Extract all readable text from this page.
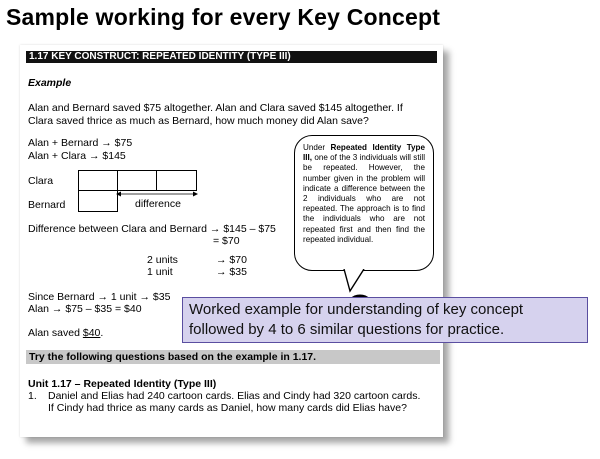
Sample working for every Key Concept
1.17 KEY CONSTRUCT: REPEATED IDENTITY (TYPE III)
Example
Alan and Bernard saved $75 altogether. Alan and Clara saved $145 altogether. If
Clara saved thrice as much as Bernard, how much money did Alan save?
Alan + Bernard → $75
Alan + Clara → $145
Clara
Bernard	difference
Difference between Clara and Bernard → $145 – $75
= $70
2 units	→ $70
1 unit	→ $35
Since Bernard → 1 unit → $35
Alan → $75 – $35 = $40
Alan saved $40.
Under Repeated Identity Type III, one of the 3 individuals will still be repeated. However, the number given in the problem will indicate a difference between the 2 individuals who are not repeated. The approach is to find the individuals who are not repeated first and then find the repeated individual.
Try the following questions based on the example in 1.17.
Unit 1.17 – Repeated Identity (Type III)
1. Daniel and Elias had 240 cartoon cards. Elias and Cindy had 320 cartoon cards.
If Cindy had thrice as many cards as Daniel, how many cards did Elias have?
Worked example for understanding of key concept followed by 4 to 6 similar questions for practice.
